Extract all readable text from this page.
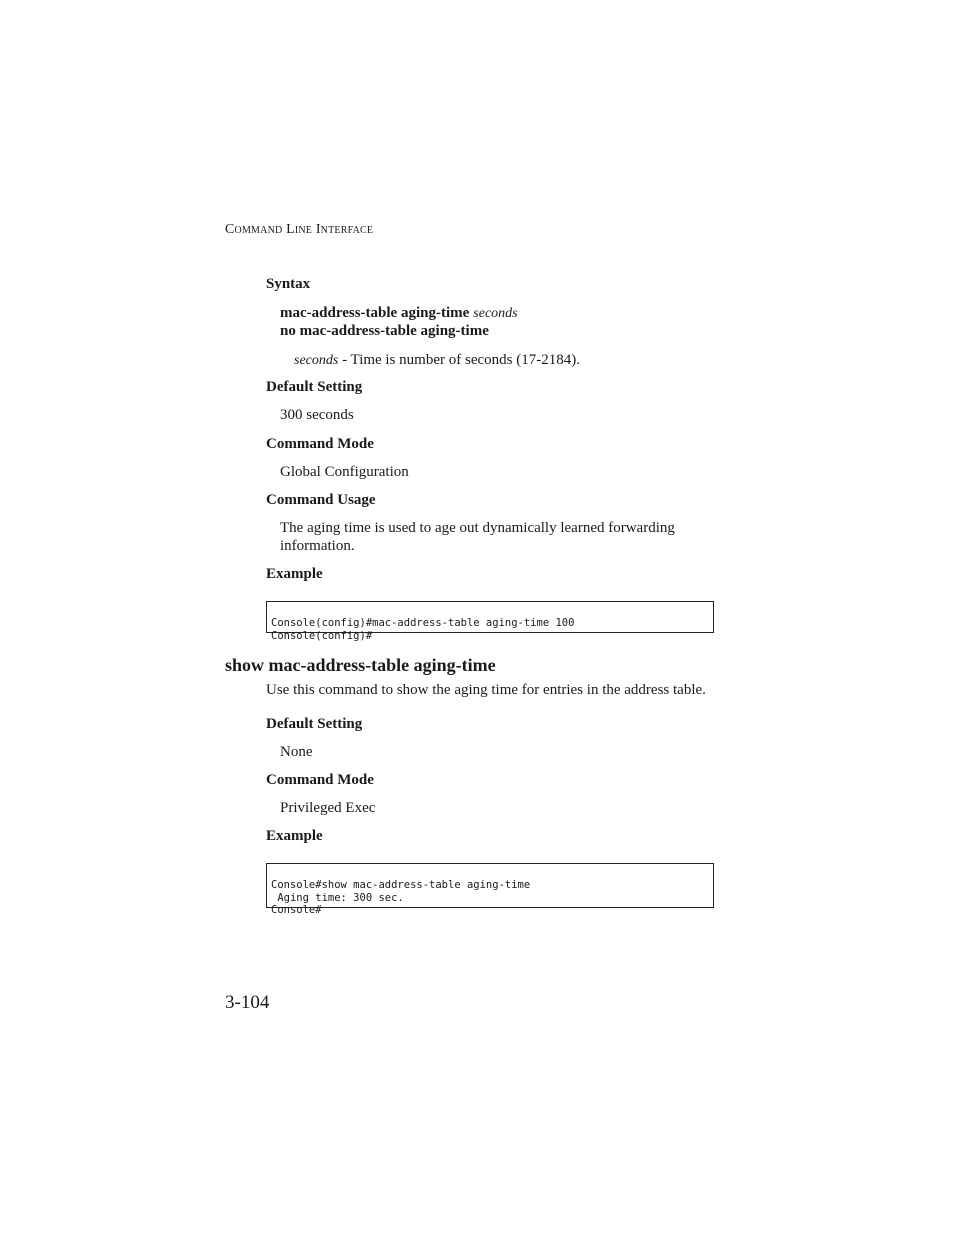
Command Line Interface
Syntax
mac-address-table aging-time seconds
no mac-address-table aging-time
seconds - Time is number of seconds (17-2184).
Default Setting
300 seconds
Command Mode
Global Configuration
Command Usage
The aging time is used to age out dynamically learned forwarding
information.
Example

Console(config)#mac-address-table aging-time 100
Console(config)#
show mac-address-table aging-time
Use this command to show the aging time for entries in the address table.
Default Setting
None
Command Mode
Privileged Exec
Example

Console#show mac-address-table aging-time
Aging time: 300 sec.
Console#
3-104
